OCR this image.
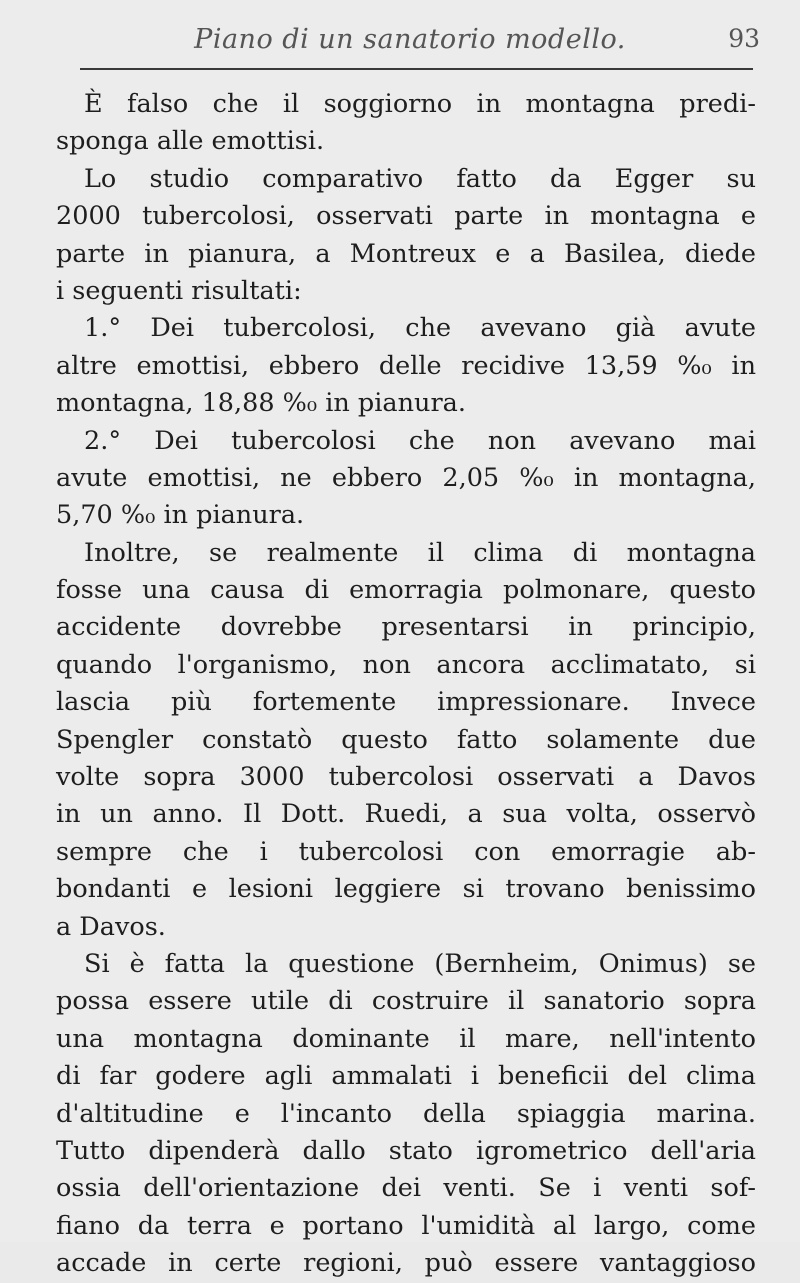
Piano di un sanatorio modello.	93
È falso che il soggiorno in montagna predi-
sponga alle emottisi.
Lo studio comparativo fatto da Egger su
2000 tubercolosi, osservati parte in montagna e
parte in pianura, a Montreux e a Basilea, diede
i seguenti risultati:
1.° Dei tubercolosi, che avevano già avute
altre emottisi, ebbero delle recidive 13,59 %₀ in
montagna, 18,88 %₀ in pianura.
2.° Dei tubercolosi che non avevano mai
avute emottisi, ne ebbero 2,05 %₀ in montagna,
5,70 %₀ in pianura.
Inoltre, se realmente il clima di montagna
fosse una causa di emorragia polmonare, questo
accidente dovrebbe presentarsi in principio,
quando l'organismo, non ancora acclimatato, si
lascia più fortemente impressionare. Invece
Spengler constatò questo fatto solamente due
volte sopra 3000 tubercolosi osservati a Davos
in un anno. Il Dott. Ruedi, a sua volta, osservò
sempre che i tubercolosi con emorragie ab-
bondanti e lesioni leggiere si trovano benissimo
a Davos.
Si è fatta la questione (Bernheim, Onimus) se
possa essere utile di costruire il sanatorio sopra
una montagna dominante il mare, nell'intento
di far godere agli ammalati i beneficii del clima
d'altitudine e l'incanto della spiaggia marina.
Tutto dipenderà dallo stato igrometrico dell'aria
ossia dell'orientazione dei venti. Se i venti sof-
fiano da terra e portano l'umidità al largo, come
accade in certe regioni, può essere vantaggioso
